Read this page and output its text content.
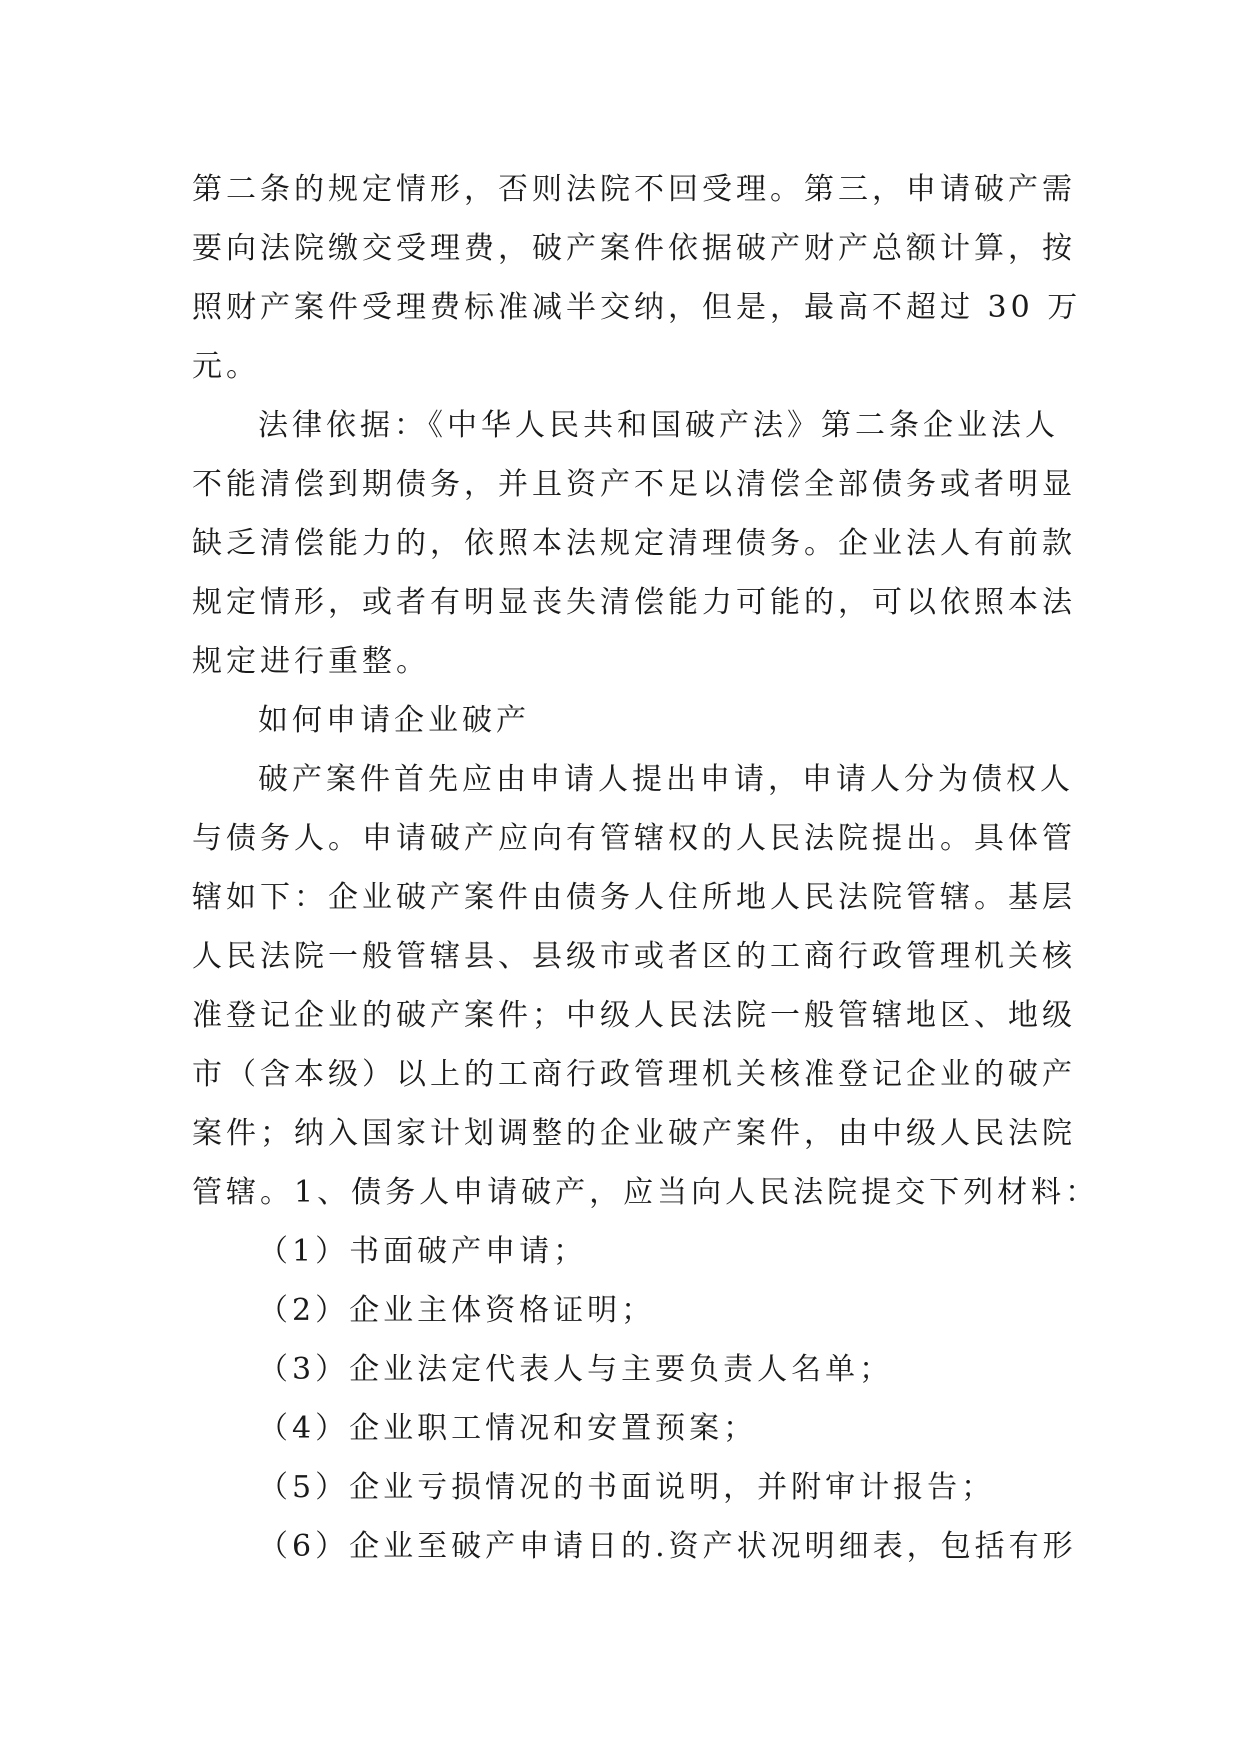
第二条的规定情形，否则法院不回受理。第三，申请破产需
要向法院缴交受理费，破产案件依据破产财产总额计算，按
照财产案件受理费标准减半交纳，但是，最高不超过 30 万
元。
法律依据：《中华人民共和国破产法》第二条企业法人
不能清偿到期债务，并且资产不足以清偿全部债务或者明显
缺乏清偿能力的，依照本法规定清理债务。企业法人有前款
规定情形，或者有明显丧失清偿能力可能的，可以依照本法
规定进行重整。
如何申请企业破产
破产案件首先应由申请人提出申请，申请人分为债权人
与债务人。申请破产应向有管辖权的人民法院提出。具体管
辖如下：企业破产案件由债务人住所地人民法院管辖。基层
人民法院一般管辖县、县级市或者区的工商行政管理机关核
准登记企业的破产案件；中级人民法院一般管辖地区、地级
市（含本级）以上的工商行政管理机关核准登记企业的破产
案件；纳入国家计划调整的企业破产案件，由中级人民法院
管辖。1、债务人申请破产，应当向人民法院提交下列材料：
（1）书面破产申请；
（2）企业主体资格证明；
（3）企业法定代表人与主要负责人名单；
（4）企业职工情况和安置预案；
（5）企业亏损情况的书面说明，并附审计报告；
（6）企业至破产申请日的.资产状况明细表，包括有形
